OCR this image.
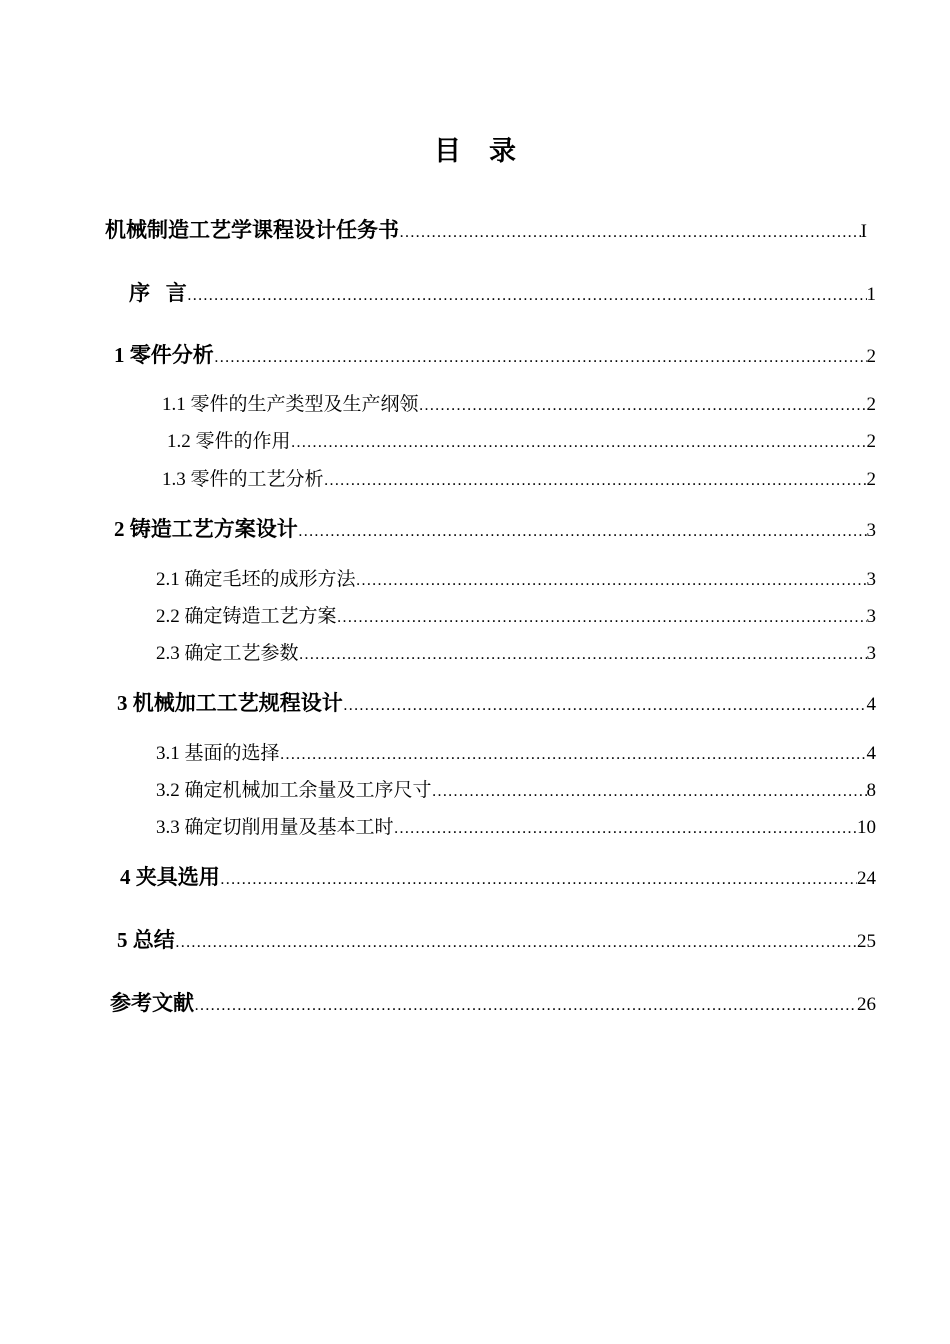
目 录
机械制造工艺学课程设计任务书 ……………………………………………………………………………………………………………………………………………………………………………………………………………………	I
序   言 ……………………………………………………………………………………………………………………………………………………………………………………………………………………	1
1 零件分析 ……………………………………………………………………………………………………………………………………………………………………………………………………………………	2
1.1 零件的生产类型及生产纲领 ……………………………………………………………………………………………………………………………………………………………………………………………………………………	2
1.2 零件的作用 ……………………………………………………………………………………………………………………………………………………………………………………………………………………	2
1.3 零件的工艺分析 ……………………………………………………………………………………………………………………………………………………………………………………………………………………	2
2 铸造工艺方案设计 ……………………………………………………………………………………………………………………………………………………………………………………………………………………	3
2.1 确定毛坯的成形方法 ……………………………………………………………………………………………………………………………………………………………………………………………………………………	3
2.2 确定铸造工艺方案 ……………………………………………………………………………………………………………………………………………………………………………………………………………………	3
2.3 确定工艺参数 ……………………………………………………………………………………………………………………………………………………………………………………………………………………	3
3 机械加工工艺规程设计 ……………………………………………………………………………………………………………………………………………………………………………………………………………………	4
3.1 基面的选择 ……………………………………………………………………………………………………………………………………………………………………………………………………………………	4
3.2 确定机械加工余量及工序尺寸 ……………………………………………………………………………………………………………………………………………………………………………………………………………………	8
3.3 确定切削用量及基本工时 ……………………………………………………………………………………………………………………………………………………………………………………………………………………	10
4 夹具选用 ……………………………………………………………………………………………………………………………………………………………………………………………………………………	24
5 总结 ……………………………………………………………………………………………………………………………………………………………………………………………………………………	25
参考文献 ……………………………………………………………………………………………………………………………………………………………………………………………………………………	26
